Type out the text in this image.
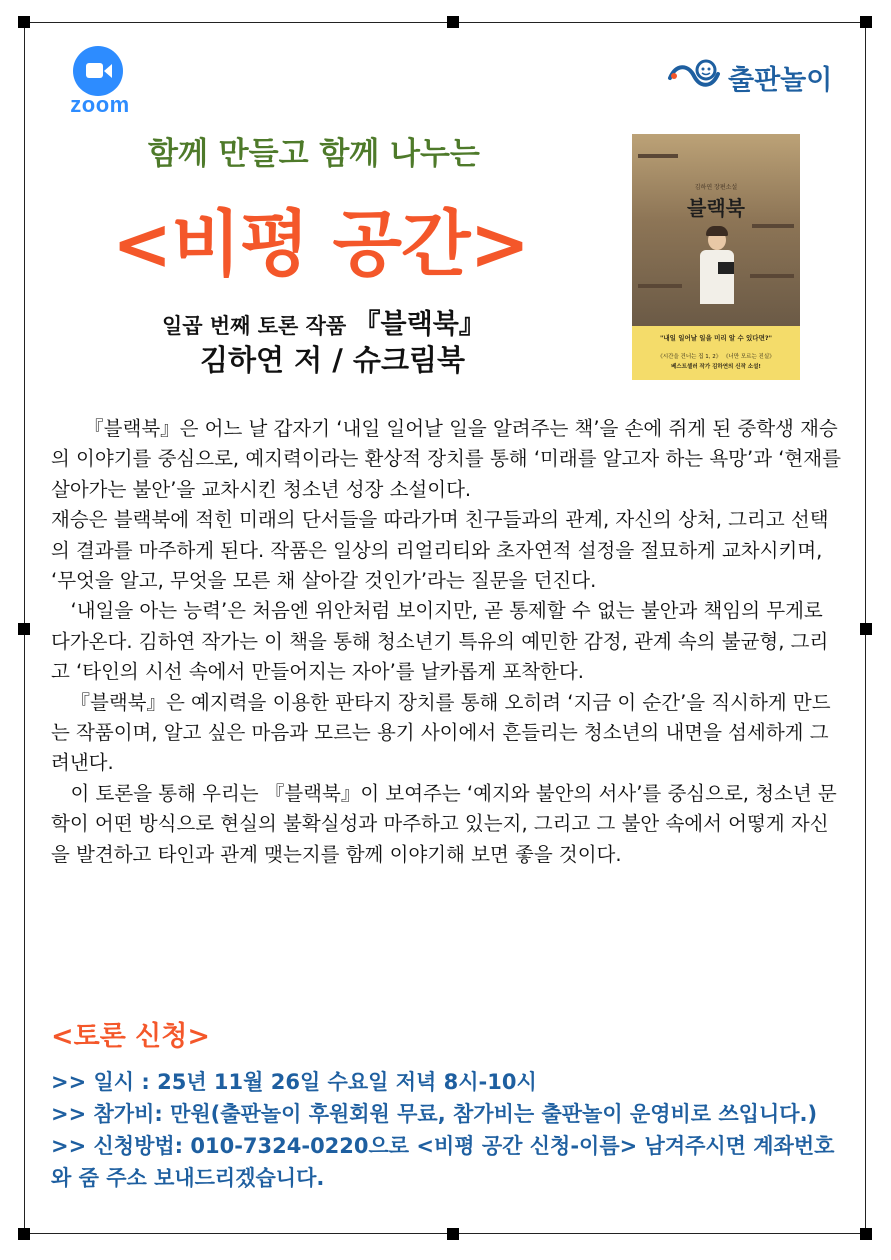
zoom
출판놀이
함께 만들고 함께 나누는
<비평 공간>
일곱 번째 토론 작품 『블랙북』
김하연 저 / 슈크림북
김하연 장편소설
블랙북
"내일 일어날 일을 미리 알 수 있다면?"
《시간을 건너는 집 1, 2》 《너만 모르는 진실》
베스트셀러 작가 김하연의 신작 소설!

『블랙북』은 어느 날 갑자기 ‘내일 일어날 일을 알려주는 책’을 손에 쥐게 된 중학생 재승의 이야기를 중심으로, 예지력이라는 환상적 장치를 통해 ‘미래를 알고자 하는 욕망’과 ‘현재를 살아가는 불안’을 교차시킨 청소년 성장 소설이다.

재승은 블랙북에 적힌 미래의 단서들을 따라가며 친구들과의 관계, 자신의 상처, 그리고 선택의 결과를 마주하게 된다. 작품은 일상의 리얼리티와 초자연적 설정을 절묘하게 교차시키며, ‘무엇을 알고, 무엇을 모른 채 살아갈 것인가’라는 질문을 던진다.

‘내일을 아는 능력’은 처음엔 위안처럼 보이지만, 곧 통제할 수 없는 불안과 책임의 무게로 다가온다. 김하연 작가는 이 책을 통해 청소년기 특유의 예민한 감정, 관계 속의 불균형, 그리고 ‘타인의 시선 속에서 만들어지는 자아’를 날카롭게 포착한다.

『블랙북』은 예지력을 이용한 판타지 장치를 통해 오히려 ‘지금 이 순간’을 직시하게 만드는 작품이며, 알고 싶은 마음과 모르는 용기 사이에서 흔들리는 청소년의 내면을 섬세하게 그려낸다.

이 토론을 통해 우리는 『블랙북』이 보여주는 ‘예지와 불안의 서사’를 중심으로, 청소년 문학이 어떤 방식으로 현실의 불확실성과 마주하고 있는지, 그리고 그 불안 속에서 어떻게 자신을 발견하고 타인과 관계 맺는지를 함께 이야기해 보면 좋을 것이다.

<토론 신청>
>> 일시 : 25년 11월 26일 수요일 저녁 8시-10시
>> 참가비: 만원(출판놀이 후원회원 무료, 참가비는 출판놀이 운영비로 쓰입니다.)
>> 신청방법: 010-7324-0220으로 <비평 공간 신청-이름> 남겨주시면 계좌번호와 줌 주소 보내드리겠습니다.
